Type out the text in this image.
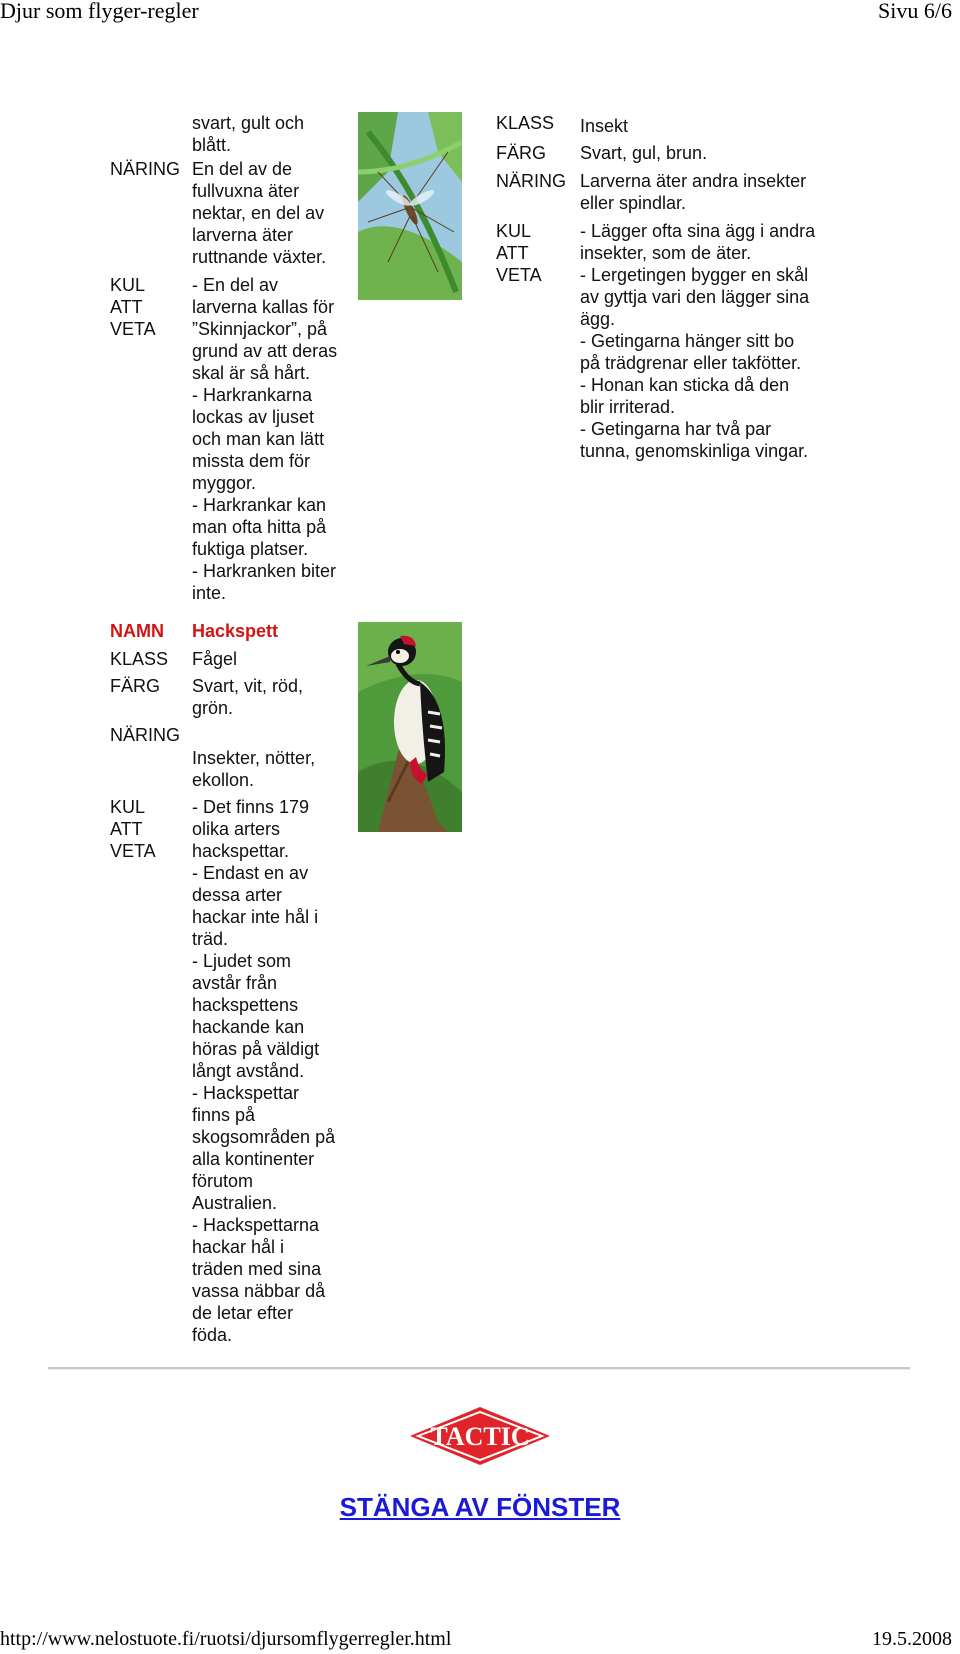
Djur som flyger-regler	Sivu 6/6
svart, gult och
blått.
NÄRING En del av de
fullvuxna äter
nektar, en del av
larverna äter
ruttnande växter.
KUL
ATT
VETA
- En del av
larverna kallas för
”Skinnjackor”, på
grund av att deras
skal är så hårt.
- Harkrankarna
lockas av ljuset
och man kan lätt
missta dem för
myggor.
- Harkrankar kan
man ofta hitta på
fuktiga platser.
- Harkranken biter
inte.
NAMN Hackspett
KLASS Fågel
FÄRG Svart, vit, röd,
grön.
NÄRING
Insekter, nötter,
ekollon.
KUL
ATT
VETA
- Det finns 179
olika arters
hackspettar.
- Endast en av
dessa arter
hackar inte hål i
träd.
- Ljudet som
avstår från
hackspettens
hackande kan
höras på väldigt
långt avstånd.
- Hackspettar
finns på
skogsområden på
alla kontinenter
förutom
Australien.
- Hackspettarna
hackar hål i
träden med sina
vassa näbbar då
de letar efter
föda.
KLASS Insekt
FÄRG Svart, gul, brun.
NÄRING Larverna äter andra insekter
eller spindlar.
KUL
ATT
VETA
- Lägger ofta sina ägg i andra
insekter, som de äter.
- Lergetingen bygger en skål
av gyttja vari den lägger sina
ägg.
- Getingarna hänger sitt bo
på trädgrenar eller takfötter.
- Honan kan sticka då den
blir irriterad.
- Getingarna har två par
tunna, genomskinliga vingar.
TACTIC
STÄNGA AV FÖNSTER
http://www.nelostuote.fi/ruotsi/djursomflygerregler.html	19.5.2008
